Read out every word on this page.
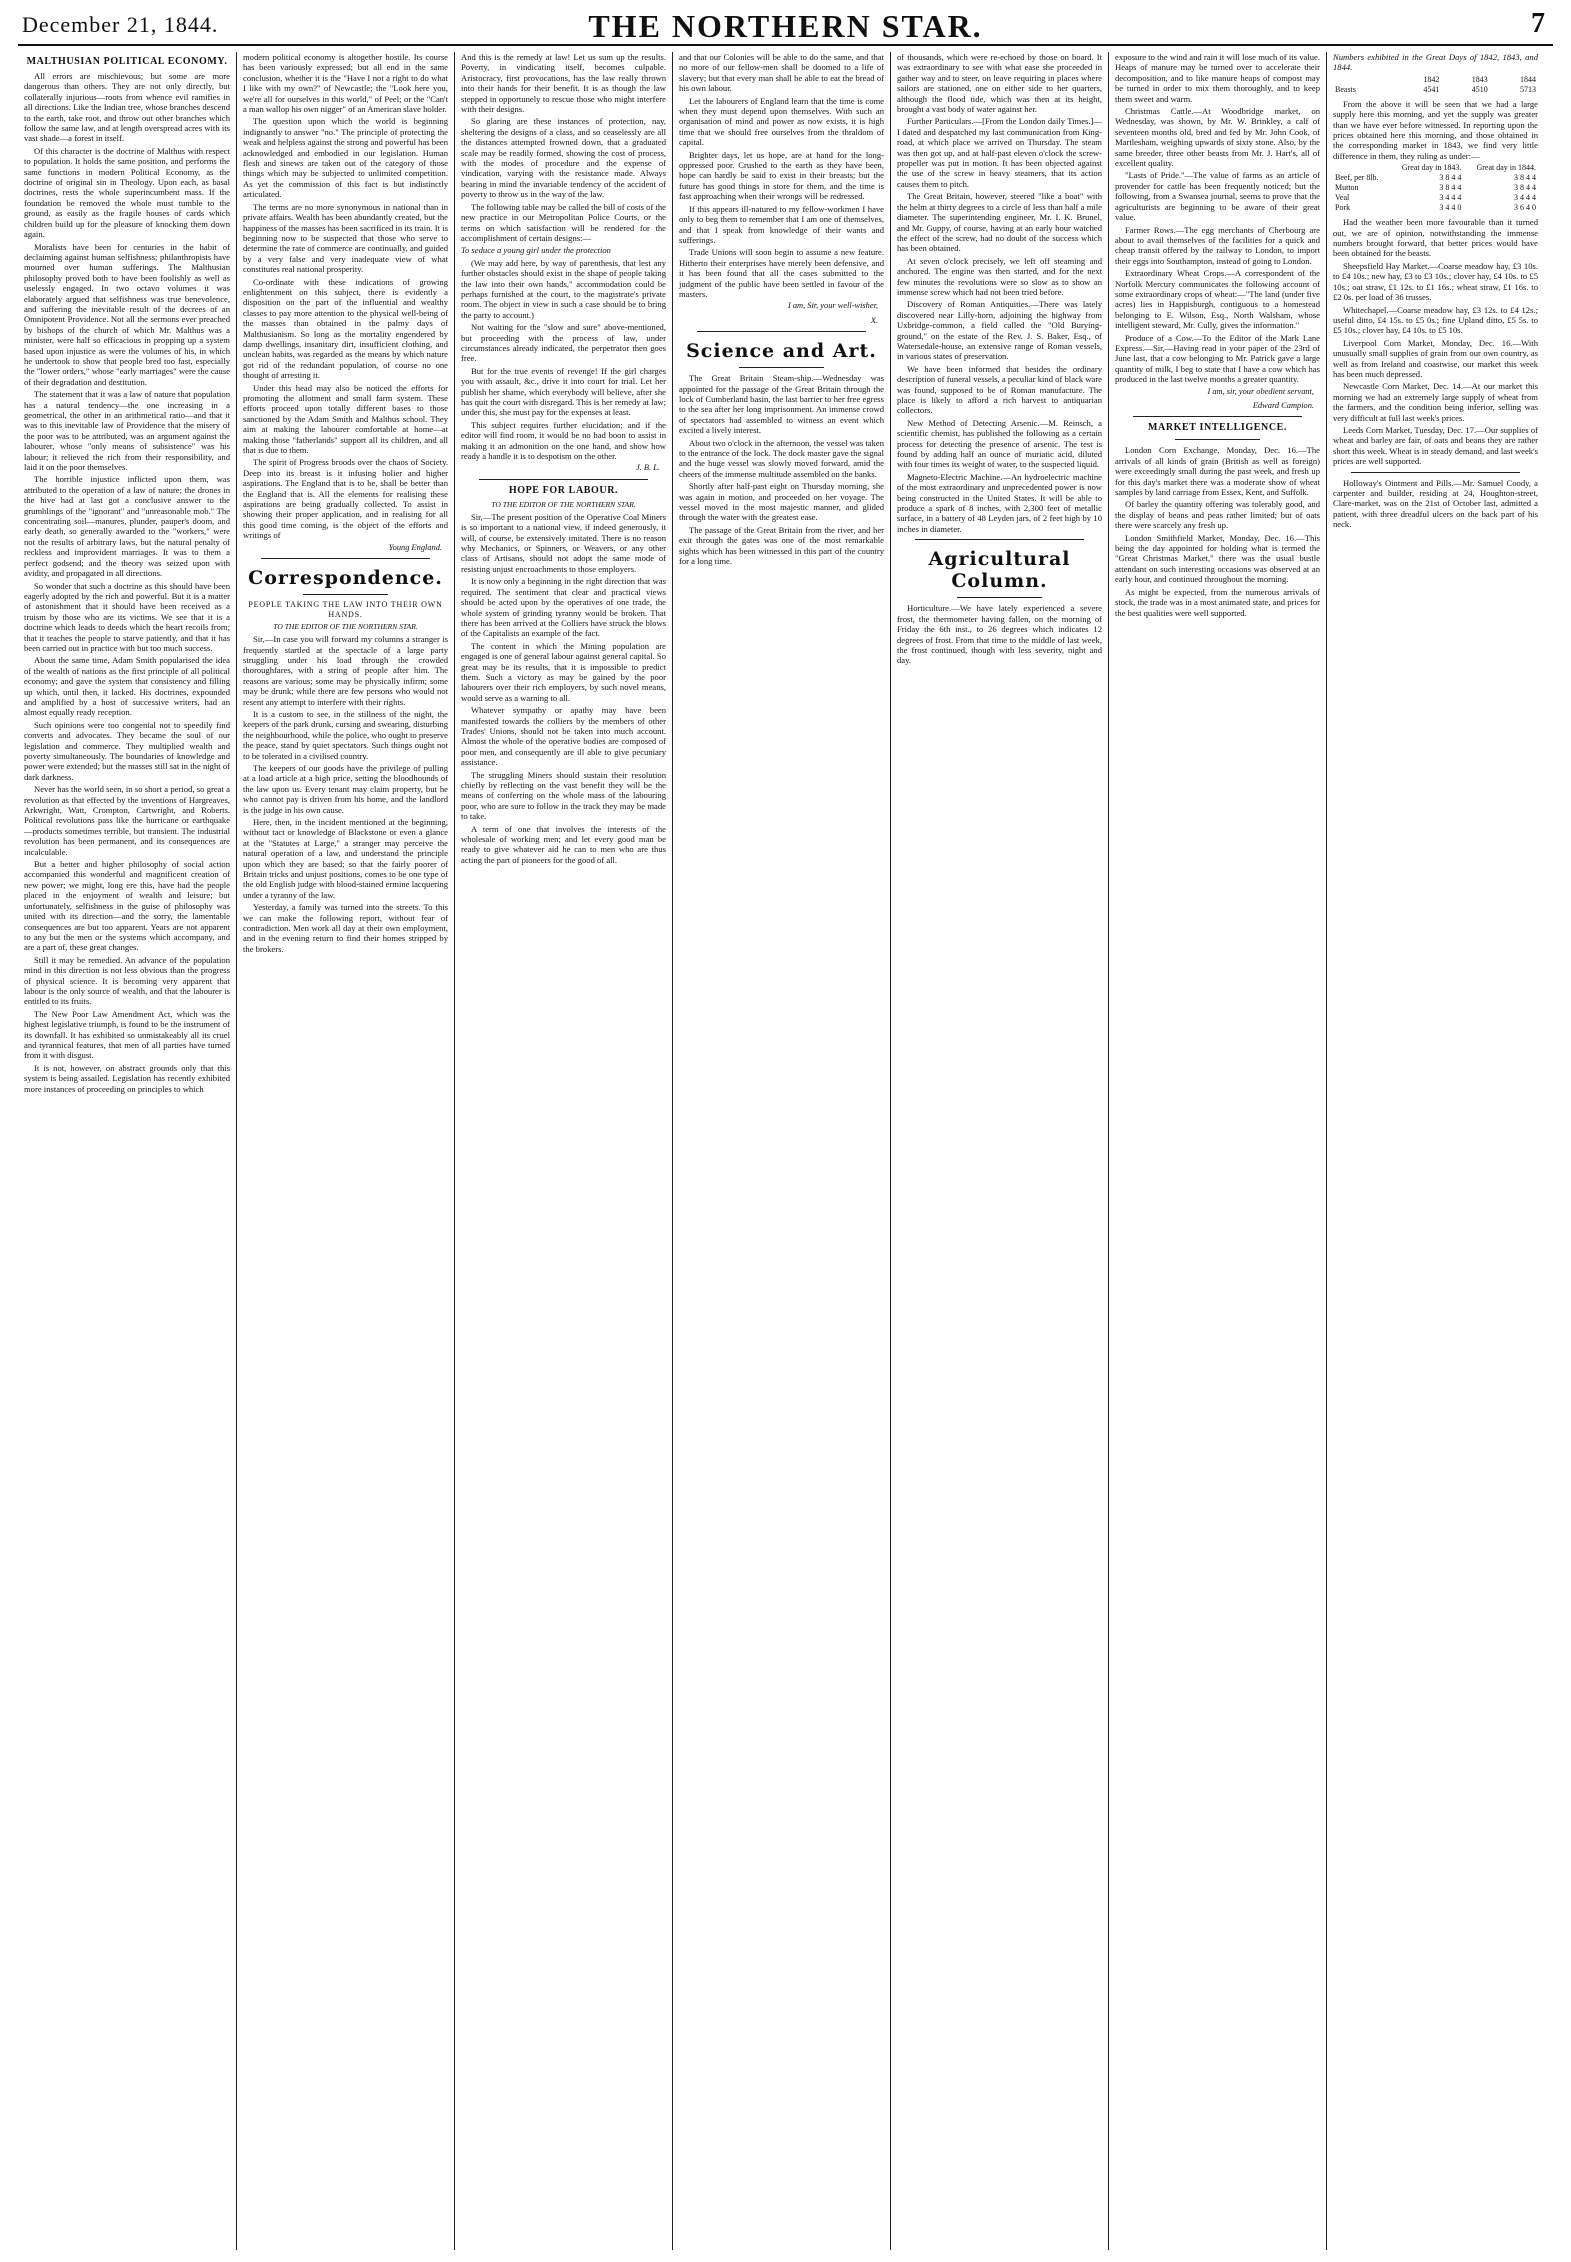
December 21, 1844.	THE NORTHERN STAR.	7
MALTHUSIAN POLITICAL ECONOMY.

All errors are mischievous; but some are more dangerous than others. They are not only directly, but collaterally injurious—roots from whence evil ramifies in all directions. Like the Indian tree, whose branches descend to the earth, take root, and throw out other branches which follow the same law, and at length overspread acres with its vast shade—a forest in itself.

Of this character is the doctrine of Malthus with respect to population. It holds the same position, and performs the same functions in modern Political Economy, as the doctrine of original sin in Theology. Upon each, as basal doctrines, rests the whole superincumbent mass. If the foundation be removed the whole must tumble to the ground, as easily as the fragile houses of cards which children build up for the pleasure of knocking them down again.

Moralists have been for centuries in the habit of declaiming against human selfishness; philanthropists have mourned over human sufferings. The Malthusian philosophy proved both to have been foolishly as well as uselessly engaged. In two octavo volumes it was elaborately argued that selfishness was true benevolence, and suffering the inevitable result of the decrees of an Omnipotent Providence. Not all the sermons ever preached by bishops of the church of which Mr. Malthus was a minister, were half so efficacious in propping up a system based upon injustice as were the volumes of his, in which he undertook to show that people bred too fast, especially the "lower orders," whose "early marriages" were the cause of their degradation and destitution.

The statement that it was a law of nature that population has a natural tendency—the one increasing in a geometrical, the other in an arithmetical ratio—and that it was to this inevitable law of Providence that the misery of the poor was to be attributed, was an argument against the labourer, whose "only means of subsistence" was his labour; it relieved the rich from their responsibility, and laid it on the poor themselves.

The horrible injustice inflicted upon them, was attributed to the operation of a law of nature; the drones in the hive had at last got a conclusive answer to the grumblings of the "ignorant" and "unreasonable mob." The concentrating soil—manures, plunder, pauper's doom, and early death, so generally awarded to the "workers," were not the results of arbitrary laws, but the natural penalty of reckless and improvident marriages. It was to them a perfect godsend; and the theory was seized upon with avidity, and propagated in all directions.

So wonder that such a doctrine as this should have been eagerly adopted by the rich and powerful. But it is a matter of astonishment that it should have been received as a truism by those who are its victims. We see that it is a doctrine which leads to deeds which the heart recoils from; that it teaches the people to starve patiently, and that it has been carried out in practice with but too much success.

About the same time, Adam Smith popularised the idea of the wealth of nations as the first principle of all political economy; and gave the system that consistency and filling up which, until then, it lacked. His doctrines, expounded and amplified by a host of successive writers, had an almost equally ready reception.

Such opinions were too congenial not to speedily find converts and advocates. They became the soul of our legislation and commerce. They multiplied wealth and poverty simultaneously. The boundaries of knowledge and power were extended; but the masses still sat in the night of dark darkness.

Never has the world seen, in so short a period, so great a revolution as that effected by the inventions of Hargreaves, Arkwright, Watt, Crompton, Cartwright, and Roberts. Political revolutions pass like the hurricane or earthquake—products sometimes terrible, but transient. The industrial revolution has been permanent, and its consequences are incalculable.

But a better and higher philosophy of social action accompanied this wonderful and magnificent creation of new power; we might, long ere this, have had the people placed in the enjoyment of wealth and leisure; but unfortunately, selfishness in the guise of philosophy was united with its direction—and the sorry, the lamentable consequences are but too apparent. Years are not apparent to any but the men or the systems which accompany, and are a part of, these great changes.

Still it may be remedied. An advance of the population mind in this direction is not less obvious than the progress of physical science. It is becoming very apparent that labour is the only source of wealth, and that the labourer is entitled to its fruits.

The New Poor Law Amendment Act, which was the highest legislative triumph, is found to be the instrument of its downfall. It has exhibited so unmistakeably all its cruel and tyrannical features, that men of all parties have turned from it with disgust.

It is not, however, on abstract grounds only that this system is being assailed. Legislation has recently exhibited more instances of proceeding on principles to which

modern political economy is altogether hostile. Its course has been variously expressed; but all end in the same conclusion, whether it is the "Have I not a right to do what I like with my own?" of Newcastle; the "Look here you, we're all for ourselves in this world," of Peel; or the "Can't a man wallop his own nigger" of an American slave holder.

The question upon which the world is beginning indignantly to answer "no." The principle of protecting the weak and helpless against the strong and powerful has been acknowledged and embodied in our legislation. Human flesh and sinews are taken out of the category of those things which may be subjected to unlimited competition. As yet the commission of this fact is but indistinctly articulated.

The terms are no more synonymous in national than in private affairs. Wealth has been abundantly created, but the happiness of the masses has been sacrificed in its train. It is beginning now to be suspected that those who serve to determine the rate of commerce are continually, and guided by a very false and very inadequate view of what constitutes real national prosperity.

Co-ordinate with these indications of growing enlightenment on this subject, there is evidently a disposition on the part of the influential and wealthy classes to pay more attention to the physical well-being of the masses than obtained in the palmy days of Malthusianism. So long as the mortality engendered by damp dwellings, insanitary dirt, insufficient clothing, and unclean habits, was regarded as the means by which nature got rid of the redundant population, of course no one thought of arresting it.

Under this head may also be noticed the efforts for promoting the allotment and small farm system. These efforts proceed upon totally different bases to those sanctioned by the Adam Smith and Malthus school. They aim at making the labourer comfortable at home—at making those "fatherlands" support all its children, and all that is due to them.

The spirit of Progress broods over the chaos of Society. Deep into its breast is it infusing holier and higher aspirations. The England that is to be, shall be better than the England that is. All the elements for realising these aspirations are being gradually collected. To assist in showing their proper application, and in realising for all this good time coming, is the object of the efforts and writings of

Young England.
Correspondence.
PEOPLE TAKING THE LAW INTO THEIR OWN HANDS.
TO THE EDITOR OF THE NORTHERN STAR.

Sir,—In case you will forward my columns a stranger is frequently startled at the spectacle of a large party struggling under his load through the crowded thoroughfares, with a string of people after him. The reasons are various; some may be physically infirm; some may be drunk; while there are few persons who would not resent any attempt to interfere with their rights.

It is a custom to see, in the stillness of the night, the keepers of the park drunk, cursing and swearing, disturbing the neighbourhood, while the police, who ought to preserve the peace, stand by quiet spectators. Such things ought not to be tolerated in a civilised country.

The keepers of our goods have the privilege of pulling at a load article at a high price, setting the bloodhounds of the law upon us. Every tenant may claim property, but he who cannot pay is driven from his home, and the landlord is the judge in his own cause.

Here, then, in the incident mentioned at the beginning, without tact or knowledge of Blackstone or even a glance at the "Statutes at Large," a stranger may perceive the natural operation of a law, and understand the principle upon which they are based; so that the fairly poorer of Britain tricks and unjust positions, comes to be one type of the old English judge with blood-stained ermine lacquering under a tyranny of the law.

Yesterday, a family was turned into the streets. To this we can make the following report, without fear of contradiction. Men work all day at their own employment, and in the evening return to find their homes stripped by the brokers.

And this is the remedy at law! Let us sum up the results. Poverty, in vindicating itself, becomes culpable. Aristocracy, first provocations, has the law really thrown into their hands for their benefit. It is as though the law stepped in opportunely to rescue those who might interfere with their designs.

So glaring are these instances of protection, nay, sheltering the designs of a class, and so ceaselessly are all the distances attempted frowned down, that a graduated scale may be readily formed, showing the cost of process, with the modes of procedure and the expense of vindication, varying with the resistance made. Always bearing in mind the invariable tendency of the accident of poverty to throw us in the way of the law.

The following table may be called the bill of costs of the new practice in our Metropolitan Police Courts, or the terms on which satisfaction will be rendered for the accomplishment of certain designs:—

To seduce a young girl under the protection

(We may add here, by way of parenthesis, that lest any further obstacles should exist in the shape of people taking the law into their own hands," accommodation could be perhaps furnished at the court, to the magistrate's private room. The object in view in such a case should be to bring the party to account.)

Not waiting for the "slow and sure" above-mentioned, but proceeding with the process of law, under circumstances already indicated, the perpetrator then goes free.

But for the true events of revenge! If the girl charges you with assault, &c., drive it into court for trial. Let her publish her shame, which everybody will believe, after she has quit the court with disregard. This is her remedy at law; under this, she must pay for the expenses at least.

This subject requires further elucidation; and if the editor will find room, it would be no bad boon to assist in making it an admonition on the one hand, and show how ready a handle it is to despotism on the other.

J. B. L.
HOPE FOR LABOUR.
TO THE EDITOR OF THE NORTHERN STAR.

Sir,—The present position of the Operative Coal Miners is so important to a national view, if indeed generously, it will, of course, be extensively imitated. There is no reason why Mechanics, or Spinners, or Weavers, or any other class of Artisans, should not adopt the same mode of resisting unjust encroachments to those employers.

It is now only a beginning in the right direction that was required. The sentiment that clear and practical views should be acted upon by the operatives of one trade, the whole system of grinding tyranny would be broken. That there has been arrived at the Colliers have struck the blows of the Capitalists an example of the fact.

The content in which the Mining population are engaged is one of general labour against general capital. So great may be its results, that it is impossible to predict them. Such a victory as may be gained by the poor labourers over their rich employers, by such novel means, would serve as a warning to all.

Whatever sympathy or apathy may have been manifested towards the colliers by the members of other Trades' Unions, should not be taken into much account. Almost the whole of the operative bodies are composed of poor men, and consequently are ill able to give pecuniary assistance.

The struggling Miners should sustain their resolution chiefly by reflecting on the vast benefit they will be the means of conferring on the whole mass of the labouring poor, who are sure to follow in the track they may be made to take.

A term of one that involves the interests of the wholesale of working men; and let every good man be ready to give whatever aid he can to men who are thus acting the part of pioneers for the good of all.

and that our Colonies will be able to do the same, and that no more of our fellow-men shall be doomed to a life of slavery; but that every man shall be able to eat the bread of his own labour.

Let the labourers of England learn that the time is come when they must depend upon themselves. With such an organisation of mind and power as now exists, it is high time that we should free ourselves from the thraldom of capital.

Brighter days, let us hope, are at hand for the long-oppressed poor. Crushed to the earth as they have been, hope can hardly be said to exist in their breasts; but the future has good things in store for them, and the time is fast approaching when their wrongs will be redressed.

If this appears ill-natured to my fellow-workmen I have only to beg them to remember that I am one of themselves, and that I speak from knowledge of their wants and sufferings.

Trade Unions will soon begin to assume a new feature. Hitherto their enterprises have merely been defensive, and it has been found that all the cases submitted to the judgment of the public have been settled in favour of the masters.

I am, Sir, your well-wisher,
X.
Science and Art.

The Great Britain Steam-ship.—Wednesday was appointed for the passage of the Great Britain through the lock of Cumberland basin, the last barrier to her free egress to the sea after her long imprisonment. An immense crowd of spectators had assembled to witness an event which excited a lively interest.

About two o'clock in the afternoon, the vessel was taken to the entrance of the lock. The dock master gave the signal and the huge vessel was slowly moved forward, amid the cheers of the immense multitude assembled on the banks.

Shortly after half-past eight on Thursday morning, she was again in motion, and proceeded on her voyage. The vessel moved in the most majestic manner, and glided through the water with the greatest ease.

The passage of the Great Britain from the river, and her exit through the gates was one of the most remarkable sights which has been witnessed in this part of the country for a long time.

of thousands, which were re-echoed by those on board. It was extraordinary to see with what ease she proceeded in gather way and to steer, on leave requiring in places where sailors are stationed, one on either side to her quarters, although the flood tide, which was then at its height, brought a vast body of water against her.

Further Particulars.—[From the London daily Times.]—I dated and despatched my last communication from King-road, at which place we arrived on Thursday. The steam was then got up, and at half-past eleven o'clock the screw-propeller was put in motion. It has been objected against the use of the screw in heavy steamers, that its action causes them to pitch.

The Great Britain, however, steered "like a boat" with the helm at thirty degrees to a circle of less than half a mile diameter. The superintending engineer, Mr. I. K. Brunel, and Mr. Guppy, of course, having at an early hour watched the effect of the screw, had no doubt of the success which has been obtained.

At seven o'clock precisely, we left off steaming and anchored. The engine was then started, and for the next few minutes the revolutions were so slow as to show an immense screw which had not been tried before.

Discovery of Roman Antiquities.—There was lately discovered near Lilly-horn, adjoining the highway from Uxbridge-common, a field called the "Old Burying-ground," on the estate of the Rev. J. S. Baker, Esq., of Watersedale-house, an extensive range of Roman vessels, in various states of preservation.

We have been informed that besides the ordinary description of funeral vessels, a peculiar kind of black ware was found, supposed to be of Roman manufacture. The place is likely to afford a rich harvest to antiquarian collectors.

New Method of Detecting Arsenic.—M. Reinsch, a scientific chemist, has published the following as a certain process for detecting the presence of arsenic. The test is found by adding half an ounce of muriatic acid, diluted with four times its weight of water, to the suspected liquid.

Magneto-Electric Machine.—An hydroelectric machine of the most extraordinary and unprecedented power is now being constructed in the United States. It will be able to produce a spark of 8 inches, with 2,300 feet of metallic surface, in a battery of 48 Leyden jars, of 2 feet high by 10 inches in diameter.

Agricultural Column.

Horticulture.—We have lately experienced a severe frost, the thermometer having fallen, on the morning of Friday the 6th inst., to 26 degrees which indicates 12 degrees of frost. From that time to the middle of last week, the frost continued, though with less severity, night and day.

exposure to the wind and rain it will lose much of its value. Heaps of manure may be turned over to accelerate their decomposition, and to like manure heaps of compost may be turned in order to mix them thoroughly, and to keep them sweet and warm.

Christmas Cattle.—At Woodbridge market, on Wednesday, was shown, by Mr. W. Brinkley, a calf of seventeen months old, bred and fed by Mr. John Cook, of Martlesham, weighing upwards of sixty stone. Also, by the same breeder, three other beasts from Mr. J. Hart's, all of excellent quality.

"Lasts of Pride."—The value of farms as an article of provender for cattle has been frequently noticed; but the following, from a Swansea journal, seems to prove that the agriculturists are beginning to be aware of their great value.

Farmer Rows.—The egg merchants of Cherbourg are about to avail themselves of the facilities for a quick and cheap transit offered by the railway to London, to import their eggs into Southampton, instead of going to London.

Extraordinary Wheat Crops.—A correspondent of the Norfolk Mercury communicates the following account of some extraordinary crops of wheat:—"The land (under five acres) lies in Happisburgh, contiguous to a homestead belonging to E. Wilson, Esq., North Walsham, whose intelligent steward, Mr. Cully, gives the information."

Produce of a Cow.—To the Editor of the Mark Lane Express.—Sir,—Having read in your paper of the 23rd of June last, that a cow belonging to Mr. Patrick gave a large quantity of milk, I beg to state that I have a cow which has produced in the last twelve months a greater quantity.

I am, sir, your obedient servant,
Edward Campion.
MARKET INTELLIGENCE.

London Corn Exchange, Monday, Dec. 16.—The arrivals of all kinds of grain (British as well as foreign) were exceedingly small during the past week, and fresh up for this day's market there was a moderate show of wheat samples by land carriage from Essex, Kent, and Suffolk.

Of barley the quantity offering was tolerably good, and the display of beans and peas rather limited; but of oats there were scarcely any fresh up.

London Smithfield Market, Monday, Dec. 16.—This being the day appointed for holding what is termed the "Great Christmas Market," there was the usual bustle attendant on such interesting occasions was observed at an early hour, and continued throughout the morning.

As might be expected, from the numerous arrivals of stock, the trade was in a most animated state, and prices for the best qualities were well supported.

Numbers exhibited in the Great Days of 1842, 1843, and 1844.

	1842	1843	1844
Beasts	4541	4510	5713

From the above it will be seen that we had a large supply here this morning, and yet the supply was greater than we have ever before witnessed. In reporting upon the prices obtained here this morning, and those obtained in the corresponding market in 1843, we find very little difference in them, they ruling as under:—

	Great day in 1843.	Great day in 1844.
Beef, per 8lb.	3 8 4 4	3 8 4 4
Mutton	3 8 4 4	3 8 4 4
Veal	3 4 4 4	3 4 4 4
Pork	3 4 4 0	3 6 4 0

Had the weather been more favourable than it turned out, we are of opinion, notwithstanding the immense numbers brought forward, that better prices would have been obtained for the beasts.

Sheepsfield Hay Market.—Coarse meadow hay, £3 10s. to £4 10s.; new hay, £3 to £3 10s.; clover hay, £4 10s. to £5 10s.; oat straw, £1 12s. to £1 16s.; wheat straw, £1 16s. to £2 0s. per load of 36 trusses.

Whitechapel.—Coarse meadow hay, £3 12s. to £4 12s.; useful ditto, £4 15s. to £5 0s.; fine Upland ditto, £5 5s. to £5 10s.; clover hay, £4 10s. to £5 10s.

Liverpool Corn Market, Monday, Dec. 16.—With unusually small supplies of grain from our own country, as well as from Ireland and coastwise, our market this week has been much depressed.

Newcastle Corn Market, Dec. 14.—At our market this morning we had an extremely large supply of wheat from the farmers, and the condition being inferior, selling was very difficult at full last week's prices.

Leeds Corn Market, Tuesday, Dec. 17.—Our supplies of wheat and barley are fair, of oats and beans they are rather short this week. Wheat is in steady demand, and last week's prices are well supported.

Holloway's Ointment and Pills.—Mr. Samuel Coody, a carpenter and builder, residing at 24, Houghton-street, Clare-market, was on the 21st of October last, admitted a patient, with three dreadful ulcers on the back part of his neck.
